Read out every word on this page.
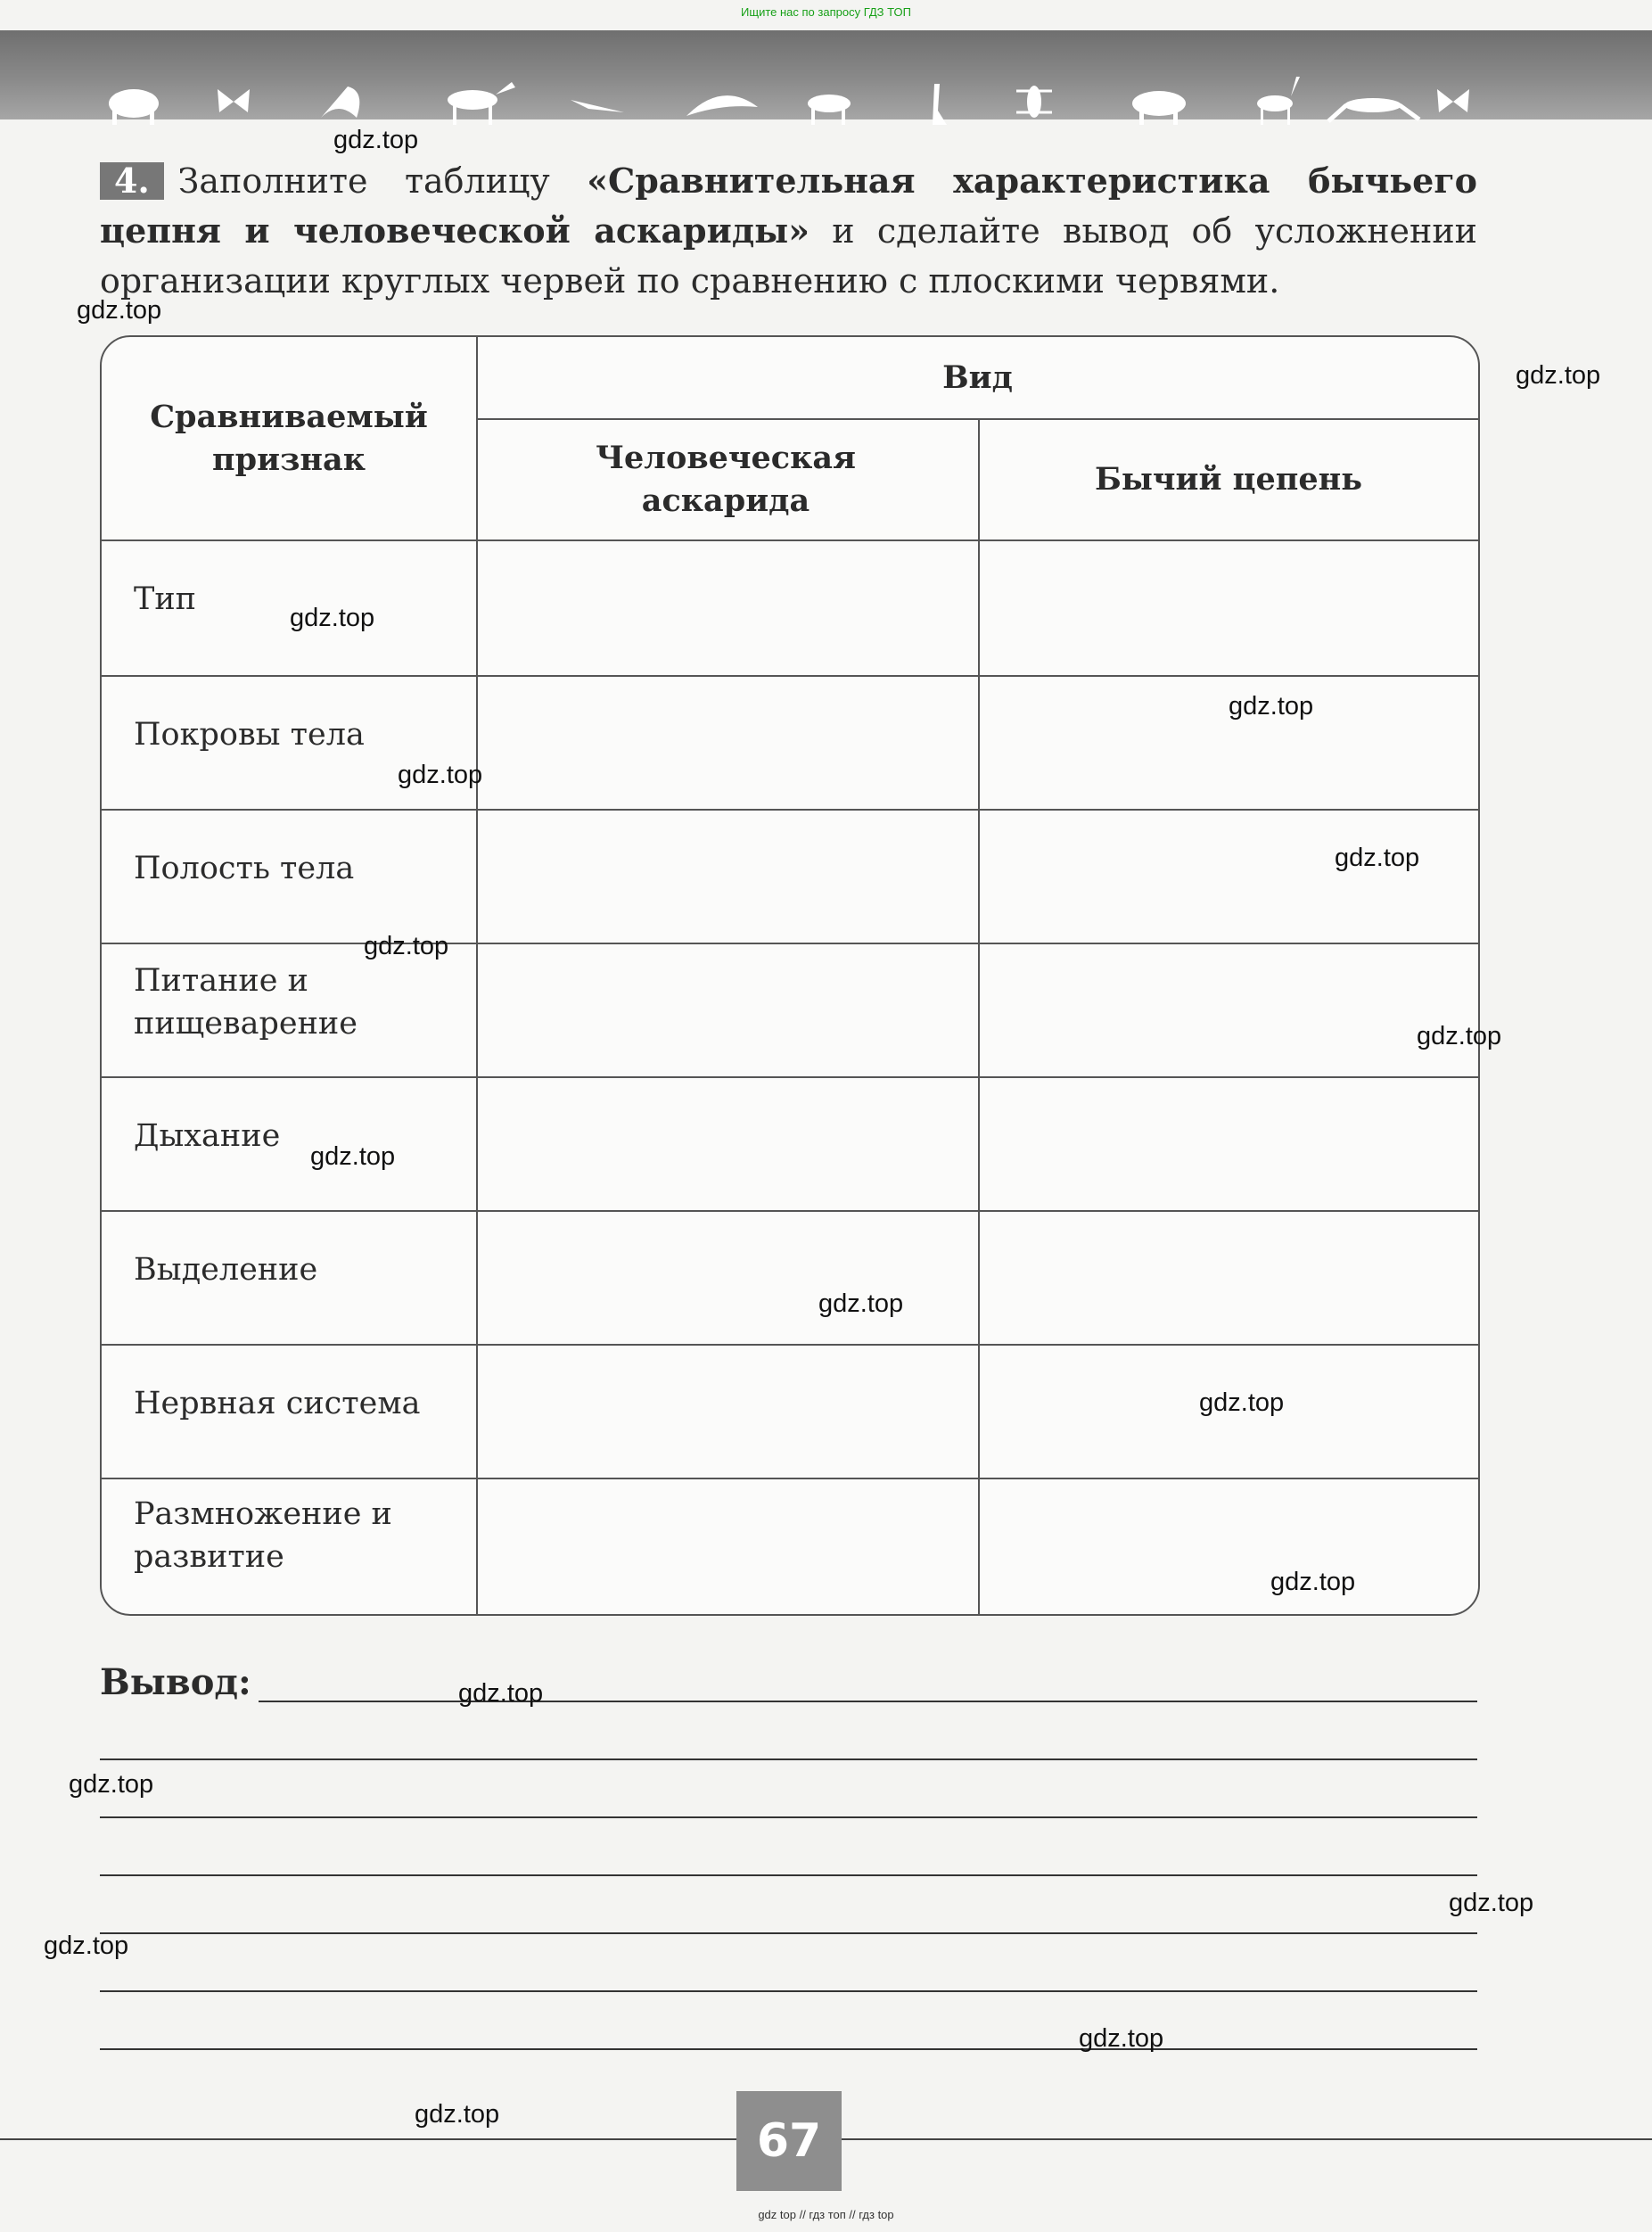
Ищите нас по запросу ГДЗ ТОП
4. Заполните таблицу «Сравнительная характеристика бычьего цепня и человеческой аскариды» и сделайте вывод об усложнении организации круглых червей по сравнению с плоскими червями.
Сравниваемый признак
Вид
Человеческая аскарида
Бычий цепень
Тип
Покровы тела
Полость тела
Питание и пищеварение
Дыхание
Выделение
Нервная система
Размножение и развитие
Вывод:
gdz.top
gdz.top
gdz.top
gdz.top
gdz.top
gdz.top
gdz.top
gdz.top
gdz.top
gdz.top
gdz.top
gdz.top
gdz.top
gdz.top
gdz.top
gdz.top
gdz.top
gdz.top
gdz.top	67
gdz top // гдз топ // гдз top
